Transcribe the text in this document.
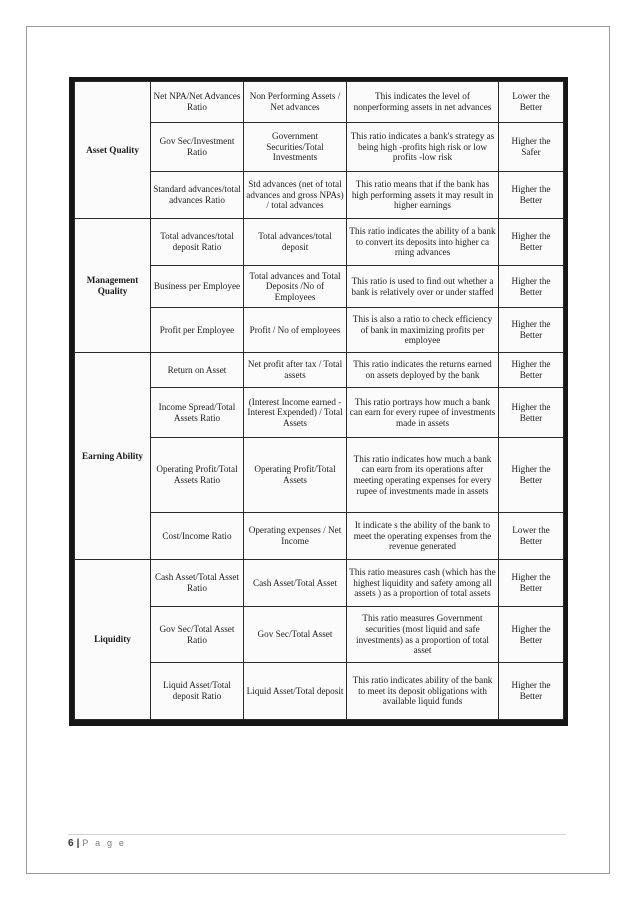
Asset Quality	Net NPA/Net Advances Ratio	Non Performing Assets / Net advances	This indicates the level of nonperforming assets in net advances	Lower the Better
	Gov Sec/Investment Ratio	Government Securities/Total Investments	This ratio indicates a bank's strategy as being high -profits high risk or low profits -low risk	Higher the Safer
	Standard advances/total advances Ratio	Std advances (net of total advances and gross NPAs) / total advances	This ratio means that if the bank has high performing assets it may result in higher earnings	Higher the Better
Management Quality	Total advances/total deposit Ratio	Total advances/total deposit	This ratio indicates the ability of a bank to convert its deposits into higher ca rning advances	Higher the Better
	Business per Employee	Total advances and Total Deposits /No of Employees	This ratio is used to find out whether a bank is relatively over or under staffed	Higher the Better
	Profit per Employee	Profit / No of employees	This is also a ratio to check efficiency of bank in maximizing profits per employee	Higher the Better
Earning Ability	Return on Asset	Net profit after tax / Total assets	This ratio indicates the returns earned on assets deployed by the bank	Higher the Better
	Income Spread/Total Assets Ratio	(Interest Income earned - Interest Expended) / Total Assets	This ratio portrays how much a bank can earn for every rupee of investments made in assets	Higher the Better
	Operating Profit/Total Assets Ratio	Operating Profit/Total Assets	This ratio indicates how much a bank can earn from its operations after meeting operating expenses for every rupee of investments made in assets	Higher the Better
	Cost/Income Ratio	Operating expenses / Net Income	It indicate s the ability of the bank to meet the operating expenses from the revenue generated	Lower the Better
Liquidity	Cash Asset/Total Asset Ratio	Cash Asset/Total Asset	This ratio measures cash (which has the highest liquidity and safety among all assets ) as a proportion of total assets	Higher the Better
	Gov Sec/Total Asset Ratio	Gov Sec/Total Asset	This ratio measures Government securities (most liquid and safe investments) as a proportion of total asset	Higher the Better
	Liquid Asset/Total deposit Ratio	Liquid Asset/Total deposit	This ratio indicates ability of the bank to meet its deposit obligations with available liquid funds	Higher the Better
6 | P a g e
